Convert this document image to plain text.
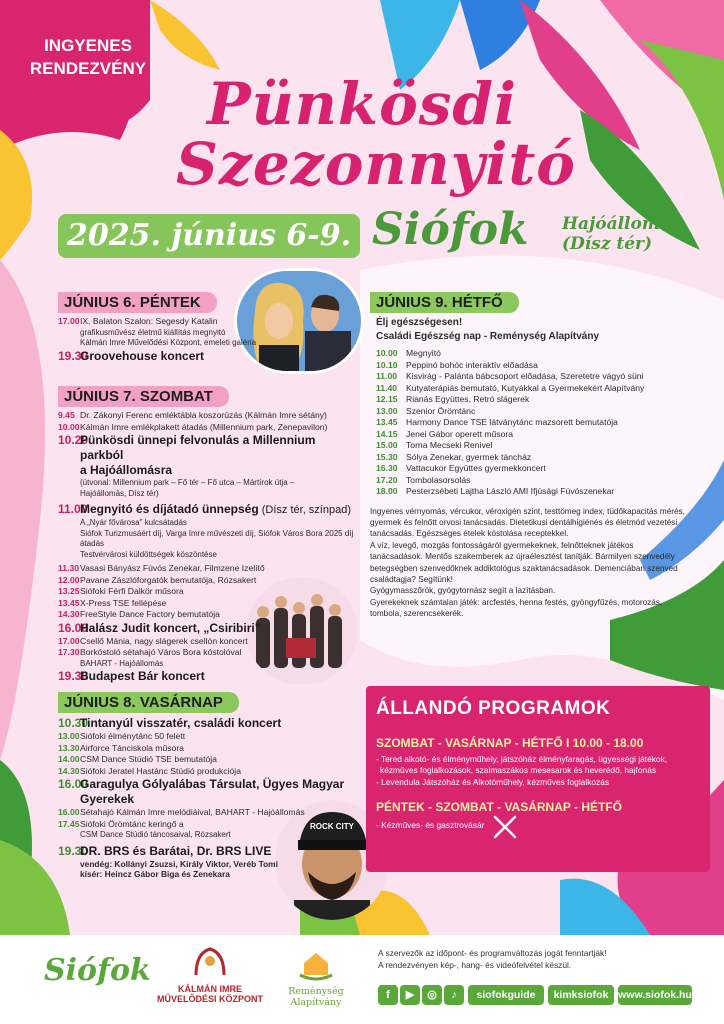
INGYENES
RENDEZVÉNY
Pünkösdi
Szezonnyitó
2025. június 6-9. Siófok Hajóállomás
(Dísz tér)
ROCK CITY
JÚNIUS 6. PÉNTEK
17.00 IX. Balaton Szalon: Segesdy Katalin
grafikusművész életmű kiállítás megnyitó
Kálmán Imre Művelődési Központ, emeleti galéria
19.30
Groovehouse koncert
JÚNIUS 7. SZOMBAT
9.45 Dr. Zákonyi Ferenc emléktábla koszorúzás (Kálmán Imre sétány)
10.00 Kálmán Imre emlékplakett átadás (Millennium park, Zenepavilon)
10.20
Pünkösdi ünnepi felvonulás a Millennium parkból
a Hajóállomásra
(útvonal: Millennium park – Fő tér – Fő utca – Mártírok útja –
Hajóállomás, Dísz tér)
11.00
Megnyitó és díjátadó ünnepség (Dísz tér, színpad)
A „Nyár fővárosa" kulcsátadás
Siófok Turizmusáért díj, Varga Imre művészeti díj, Siófok Város Bora 2025 díj átadás
Testvérvárosi küldöttségek köszöntése
11.30 Vasasi Bányász Fúvós Zenekar, Filmzene Izelítő
12.00 Pavane Zászlóforgatók bemutatója, Rózsakert
13.25 Siófoki Férfi Dalkör műsora
13.45 X-Press TSE fellépése
14.30 FreeStyle Dance Factory bemutatója
16.00
Halász Judit koncert, „Csiribiri"
17.00 Csellő Mánia, nagy slágerek csellón koncert
17.30 Borkóstoló sétahajó Város Bora kóstolóval
BAHART - Hajóállomás
19.30
Budapest Bár koncert
JÚNIUS 8. VASÁRNAP
10.30
Tintanyúl visszatér, családi koncert
13.00 Siófoki élménytánc 50 felett
13.30 Airforce Tánciskola műsora
14.00 CSM Dance Stúdió TSE bemutatója
14.30 Siófoki Jeratel Hastánc Stúdió produkciója
16.00
Garagulya Gólyalábas Társulat, Ügyes Magyar Gyerekek
16.00 Sétahajó Kálmán Imre melódiáival, BAHART - Hajóállomás
17.45 Siófoki Örömtánc keringő a
CSM Dance Stúdió táncosaival, Rózsakert
19.30
DR. BRS és Barátai, Dr. BRS LIVE
vendég: Kollányi Zsuzsi, Király Viktor, Veréb Tomi
kísér: Heincz Gábor Biga és Zenekara
JÚNIUS 9. HÉTFŐ
Élj egészségesen!
Családi Egészség nap - Reménység Alapítvány
10.00 Megnyitó
10.10 Peppinó bohóc interaktív előadása
11.00	Kisvirág - Palánta bábcsoport előadása, Szeretetre vágyó süni
11.40	Kutyaterápiás bemutató, Kutyákkal a Gyermekekért Alapítvány
12.15 Rianás Együttes, Retró slágerek
13.00 Szenior Örömtánc
13.45 Harmony Dance TSE látványtánc mazsorett bemutatója
14.15 Jenei Gábor operett műsora
15.00 Torna Mecseki Renivel
15.30 Sólya Zenekar, gyermek táncház
16.30 Vattacukor Együttes gyermekkoncert
17.20 Tombolasorsolás
18.00 Pesterzsébeti Lajtha László AMI Ifjúsági Fúvószenekar
Ingyenes vérnyomás, vércukor, véroxigén szint, testtömeg index, tüdőkapacitás mérés,
gyermek és felnőtt orvosi tanácsadás. Dietetikusi dentálhigiénés és életmód vezetési
tanácsadás. Egészséges ételek kóstolása receptekkel.
A víz, levegő, mozgás fontosságáról gyermekeknek, felnőtteknek játékos
tanácsadások. Mentős szakemberek az újraélesztést tanítják. Bármilyen szenvedély
betegségben szenvedőknek addiktológus szaktanácsadások. Demenciában szenved
családtagja? Segítünk!
Gyógymasszőrök, gyógytornász segít a lazításban.
Gyerekeknek számtalan játék: arcfestés, henna festés, gyöngyfűzés, motorozás,
tombola, szerencsekerék.
ÁLLANDÓ PROGRAMOK
SZOMBAT - VASÁRNAP - HÉTFŐ I 10.00 - 18.00
- Tered alkotó- és élményműhely, játszóház élményfaragás, ügyességi játékok,
kézműves foglalkozások, szalmaszákos mesesarok és heverédő, hajfonás
- Levendula Játszóház és Alkotóműhely, kézműves foglalkozás
PÉNTEK - SZOMBAT - VASÁRNAP - HÉTFŐ
- Kézműves- és gasztrovásár
Siófok
KÁLMÁN IMRE
MŰVELŐDÉSI KÖZPONT
Reménység Alapítvány
A szervezők az időpont- és programváltozás jogát fenntartják!
A rendezvényen kép-, hang- és videófelvétel készül.
f	▶	◎	♪	siofokguide	kimksiofok www.siofok.hu
